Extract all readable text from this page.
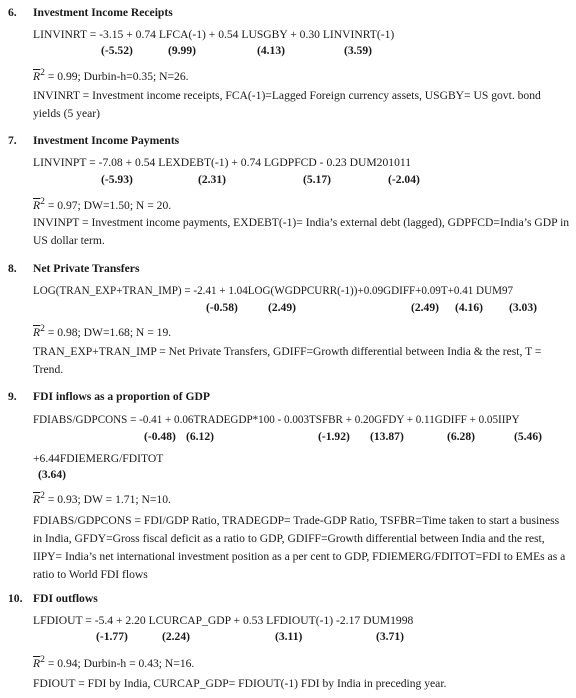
6. Investment Income Receipts
LINVINRT = -3.15 + 0.74 LFCA(-1) + 0.54 LUSGBY + 0.30 LINVINRT(-1)
(-5.52)	(9.99)	(4.13)	(3.59)
$\overline{R}^2 = 0.99$; Durbin-h=0.35; N=26.
INVINRT = Investment income receipts, FCA(-1)=Lagged Foreign currency assets, USGBY= US govt. bond yields (5 year)
7. Investment Income Payments
LINVINPT = -7.08 + 0.54 LEXDEBT(-1) + 0.74 LGDPFCD - 0.23 DUM201011
(-5.93)	(2.31)	(5.17)	(-2.04)
$\overline{R}^2 = 0.97$; DW=1.50; N = 20.
INVINPT = Investment income payments, EXDEBT(-1)= India’s external debt (lagged), GDPFCD=India’s GDP in US dollar term.
8. Net Private Transfers
LOG(TRAN_EXP+TRAN_IMP) = -2.41 + 1.04LOG(WGDPCURR(-1))+0.09GDIFF+0.09T+0.41 DUM97
(-0.58)	(2.49)	(2.49) (4.16) (3.03)
$\overline{R}^2 = 0.98$; DW=1.68; N = 19.
TRAN_EXP+TRAN_IMP = Net Private Transfers, GDIFF=Growth differential between India & the rest, T = Trend.
9. FDI inflows as a proportion of GDP
FDIABS/GDPCONS = -0.41 + 0.06TRADEGDP*100 - 0.003TSFBR + 0.20GFDY + 0.11GDIFF + 0.05IIPY
(-0.48) (6.12)	(-1.92) (13.87)	(6.28)	(5.46)
+6.44FDIEMERG/FDITOT
(3.64)
$\overline{R}^2 = 0.93$; DW = 1.71; N=10.
FDIABS/GDPCONS = FDI/GDP Ratio, TRADEGDP= Trade-GDP Ratio, TSFBR=Time taken to start a business in India, GFDY=Gross fiscal deficit as a ratio to GDP, GDIFF=Growth differential between India and the rest, IIPY= India’s net international investment position as a per cent to GDP, FDIEMERG/FDITOT=FDI to EMEs as a ratio to World FDI flows
10. FDI outflows
LFDIOUT = -5.4 + 2.20 LCURCAP_GDP + 0.53 LFDIOUT(-1) -2.17 DUM1998
(-1.77)	(2.24)	(3.11)	(3.71)
$\overline{R}^2 = 0.94$; Durbin-h = 0.43; N=16.
FDIOUT = FDI by India, CURCAP_GDP= FDIOUT(-1) FDI by India in preceding year.
